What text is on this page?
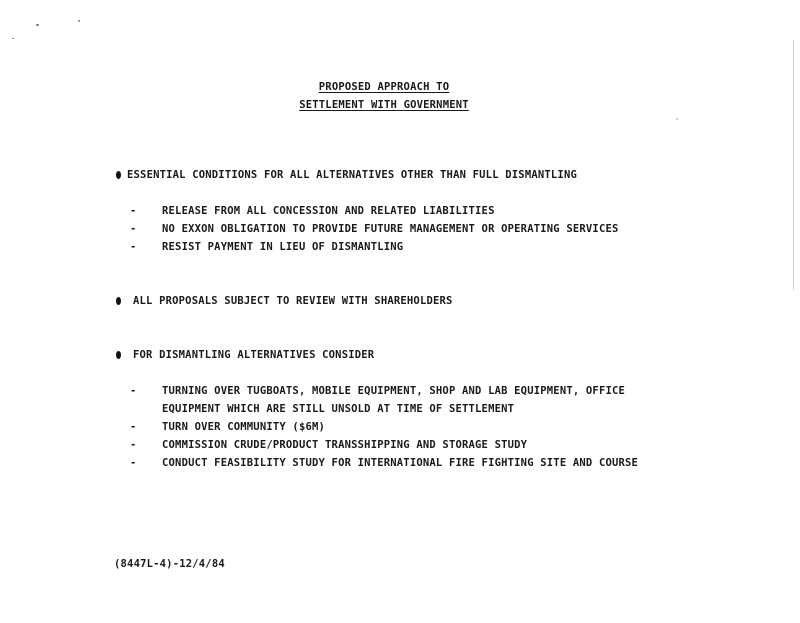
PROPOSED APPROACH TO
SETTLEMENT WITH GOVERNMENT
ESSENTIAL CONDITIONS FOR ALL ALTERNATIVES OTHER THAN FULL DISMANTLING
-	RELEASE FROM ALL CONCESSION AND RELATED LIABILITIES
-	NO EXXON OBLIGATION TO PROVIDE FUTURE MANAGEMENT OR OPERATING SERVICES
-	RESIST PAYMENT IN LIEU OF DISMANTLING
ALL PROPOSALS SUBJECT TO REVIEW WITH SHAREHOLDERS
FOR DISMANTLING ALTERNATIVES CONSIDER
-	TURNING OVER TUGBOATS, MOBILE EQUIPMENT, SHOP AND LAB EQUIPMENT, OFFICE
EQUIPMENT WHICH ARE STILL UNSOLD AT TIME OF SETTLEMENT
-	TURN OVER COMMUNITY ($6M)
-	COMMISSION CRUDE/PRODUCT TRANSSHIPPING AND STORAGE STUDY
-	CONDUCT FEASIBILITY STUDY FOR INTERNATIONAL FIRE FIGHTING SITE AND COURSE
(8447L-4)-12/4/84
